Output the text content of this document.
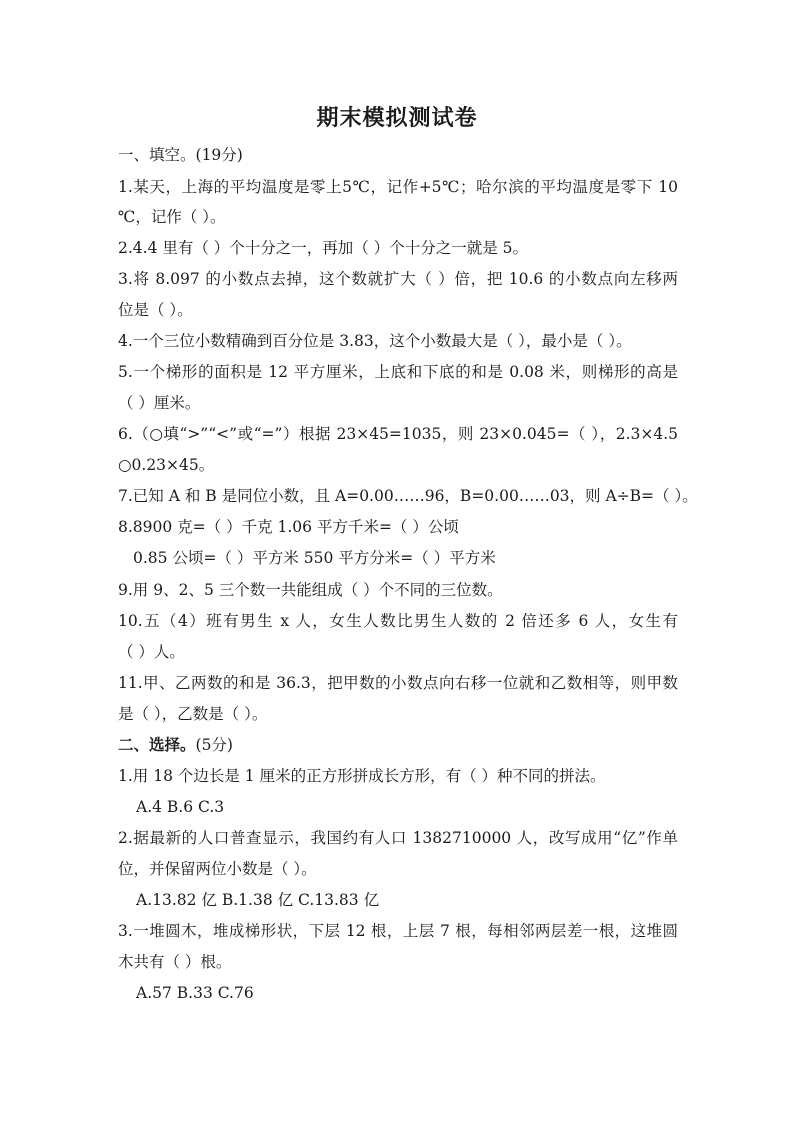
期末模拟测试卷
一、填空。(19分)
1.某天，上海的平均温度是零上5℃，记作+5℃；哈尔滨的平均温度是零下 10
℃，记作（ ）。
2.4.4 里有（ ）个十分之一，再加（ ）个十分之一就是 5。
3.将 8.097 的小数点去掉，这个数就扩大（ ）倍，把 10.6 的小数点向左移两
位是（ ）。
4.一个三位小数精确到百分位是 3.83，这个小数最大是（ ），最小是（ ）。
5.一个梯形的面积是 12 平方厘米，上底和下底的和是 0.08 米，则梯形的高是
（ ）厘米。
6.（○填“>”“<”或“=”）根据 23×45=1035，则 23×0.045=（ ），2.3×4.5
○0.23×45。
7.已知 A 和 B 是同位小数，且 A=0.00……96，B=0.00……03，则 A÷B=（ ）。
8.8900 克=（ ）千克 1.06 平方千米=（ ）公顷
0.85 公顷=（ ）平方米 550 平方分米=（ ）平方米
9.用 9、2、5 三个数一共能组成（ ）个不同的三位数。
10.五（4）班有男生 x 人，女生人数比男生人数的 2 倍还多 6 人，女生有
（ ）人。
11.甲、乙两数的和是 36.3，把甲数的小数点向右移一位就和乙数相等，则甲数
是（ ），乙数是（ ）。
二、选择。(5分)
1.用 18 个边长是 1 厘米的正方形拼成长方形，有（ ）种不同的拼法。
A.4 B.6 C.3
2.据最新的人口普查显示，我国约有人口 1382710000 人，改写成用“亿”作单
位，并保留两位小数是（ ）。
A.13.82 亿 B.1.38 亿 C.13.83 亿
3.一堆圆木，堆成梯形状，下层 12 根，上层 7 根，每相邻两层差一根，这堆圆
木共有（ ）根。
A.57 B.33 C.76
